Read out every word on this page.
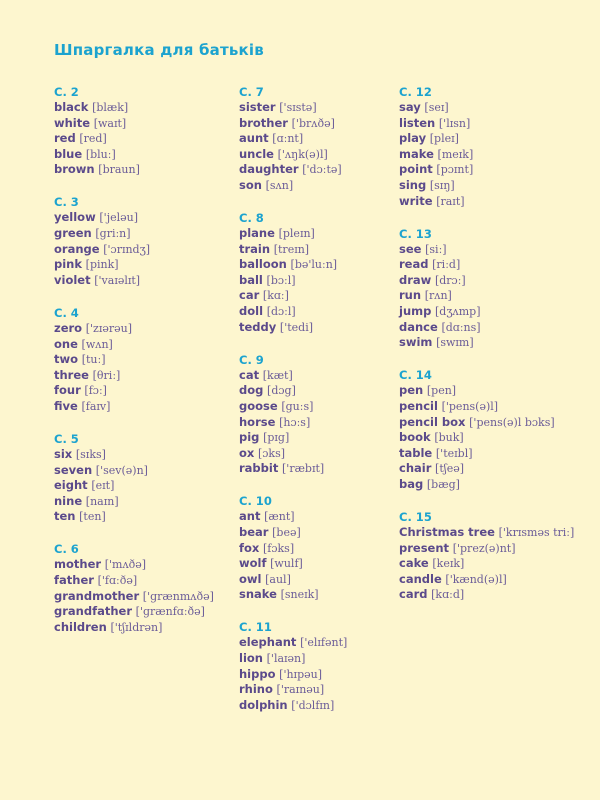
Шпаргалка для батьків
С. 2
black [blæk]
white [waɪt]
red [red]
blue [bluː]
brown [braun]
С. 3
yellow ['jeləu]
green [griːn]
orange ['ɔrɪndʒ]
pink [pink]
violet ['vaɪəlɪt]
С. 4
zero ['zɪərəu]
one [wʌn]
two [tuː]
three [θriː]
four [fɔː]
five [faɪv]
С. 5
six [sɪks]
seven ['sev(ə)n]
eight [eɪt]
nine [naɪn]
ten [ten]
С. 6
mother ['mʌðə]
father ['fɑːðə]
grandmother ['grænmʌðə]
grandfather ['grænfɑːðə]
children ['tʃɪldrən]
С. 7
sister ['sɪstə]
brother ['brʌðə]
aunt [ɑːnt]
uncle ['ʌŋk(ə)l]
daughter ['dɔːtə]
son [sʌn]
С. 8
plane [pleɪn]
train [treɪn]
balloon [bə'luːn]
ball [bɔːl]
car [kɑː]
doll [dɔːl]
teddy ['tedi]
С. 9
cat [kæt]
dog [dɔg]
goose [guːs]
horse [hɔːs]
pig [pɪg]
ox [ɔks]
rabbit ['ræbɪt]
С. 10
ant [ænt]
bear [beə]
fox [fɔks]
wolf [wulf]
owl [aul]
snake [sneɪk]
С. 11
elephant ['elɪfənt]
lion ['laɪən]
hippo ['hɪpəu]
rhino ['raɪnəu]
dolphin ['dɔlfɪn]
С. 12
say [seɪ]
listen ['lɪsn]
play [pleɪ]
make [meɪk]
point [pɔɪnt]
sing [sɪŋ]
write [raɪt]
С. 13
see [siː]
read [riːd]
draw [drɔː]
run [rʌn]
jump [dʒʌmp]
dance [dɑːns]
swim [swɪm]
С. 14
pen [pen]
pencil ['pens(ə)l]
pencil box ['pens(ə)l bɔks]
book [buk]
table ['teɪbl]
chair [tʃeə]
bag [bæg]
С. 15
Christmas tree ['krɪsməs triː]
present ['prez(ə)nt]
cake [keɪk]
candle ['kænd(ə)l]
card [kɑːd]
